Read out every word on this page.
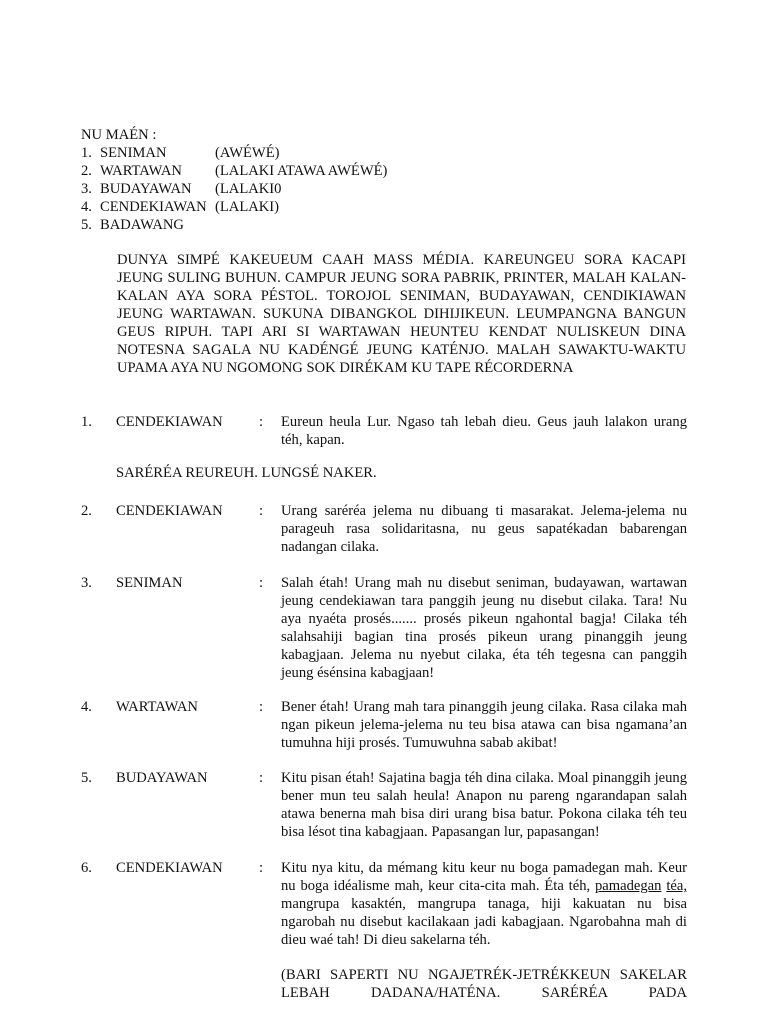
NU MAÉN :
1. SENIMAN	(AWÉWÉ)
2. WARTAWAN (LALAKI ATAWA AWÉWÉ)
3. BUDAYAWAN (LALAKI0
4. CENDEKIAWAN (LALAKI)
5. BADAWANG
DUNYA SIMPÉ KAKEUEUM CAAH MASS MÉDIA. KAREUNGEU SORA KACAPI JEUNG SULING BUHUN. CAMPUR JEUNG SORA PABRIK, PRINTER, MALAH KALAN-KALAN AYA SORA PÉSTOL. TOROJOL SENIMAN, BUDAYAWAN, CENDIKIAWAN JEUNG WARTAWAN. SUKUNA DIBANGKOL DIHIJIKEUN. LEUMPANGNA BANGUN GEUS RIPUH. TAPI ARI SI WARTAWAN HEUNTEU KENDAT NULISKEUN DINA NOTESNA SAGALA NU KADÉNGÉ JEUNG KATÉNJO. MALAH SAWAKTU-WAKTU UPAMA AYA NU NGOMONG SOK DIRÉKAM KU TAPE RÉCORDERNA
1. CENDEKIAWAN : Eureun heula Lur. Ngaso tah lebah dieu. Geus jauh lalakon urang téh, kapan.
SARÉRÉA REUREUH. LUNGSÉ NAKER.
2. CENDEKIAWAN : Urang saréréa jelema nu dibuang ti masarakat. Jelema-jelema nu parageuh rasa solidaritasna, nu geus sapatékadan babarengan nadangan cilaka.
3. SENIMAN	: Salah étah! Urang mah nu disebut seniman, budayawan, wartawan jeung cendekiawan tara panggih jeung nu disebut cilaka. Tara! Nu aya nyaéta prosés....... prosés pikeun ngahontal bagja! Cilaka téh salahsahiji bagian tina prosés pikeun urang pinanggih jeung kabagjaan. Jelema nu nyebut cilaka, éta téh tegesna can panggih jeung ésénsina kabagjaan!
4. WARTAWAN	: Bener étah! Urang mah tara pinanggih jeung cilaka. Rasa cilaka mah ngan pikeun jelema-jelema nu teu bisa atawa can bisa ngamana’an tumuhna hiji prosés. Tumuwuhna sabab akibat!
5. BUDAYAWAN	: Kitu pisan étah! Sajatina bagja téh dina cilaka. Moal pinanggih jeung bener mun teu salah heula! Anapon nu pareng ngarandapan salah atawa benerna mah bisa diri urang bisa batur. Pokona cilaka téh teu bisa lésot tina kabagjaan. Papasangan lur, papasangan!
6. CENDEKIAWAN : Kitu nya kitu, da mémang kitu keur nu boga pamadegan mah. Keur nu boga idéalisme mah, keur cita-cita mah. Éta téh, pamadegan téa, mangrupa kasaktén, mangrupa tanaga, hiji kakuatan nu bisa ngarobah nu disebut kacilakaan jadi kabagjaan. Ngarobahna mah di dieu waé tah! Di dieu sakelarna téh.
(BARI SAPERTI NU NGAJETRÉK-JETRÉKKEUN SAKELAR LEBAH DADANA/HATÉNA. SARÉRÉA PADA
